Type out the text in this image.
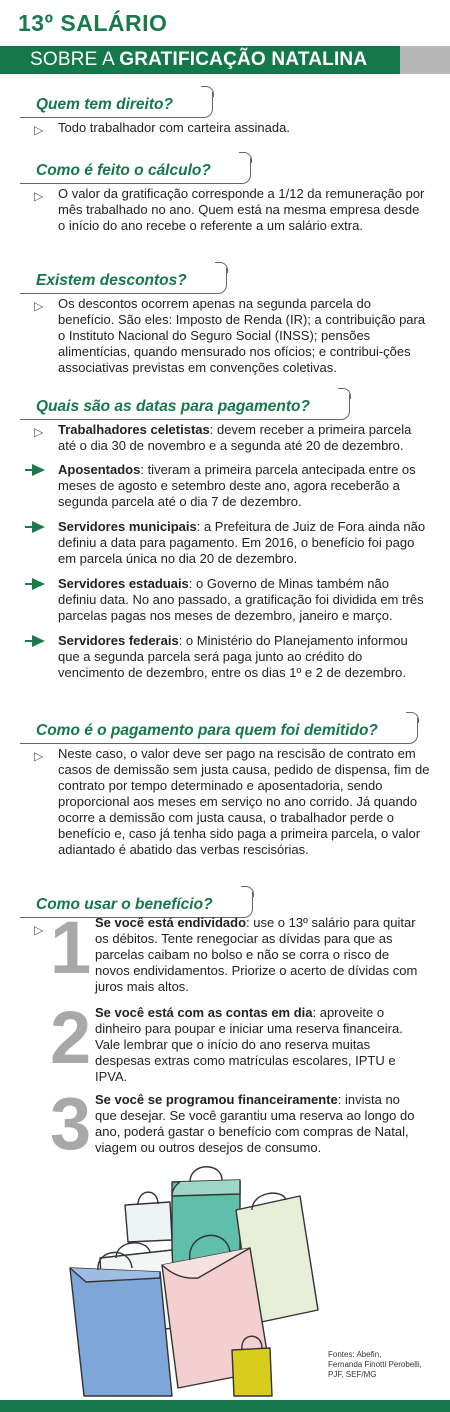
13º SALÁRIO
SOBRE A GRATIFICAÇÃO NATALINA
Quem tem direito?
▷ Todo trabalhador com carteira assinada.
Como é feito o cálculo?
▷ O valor da gratificação corresponde a 1/12 da remuneração por mês trabalhado no ano. Quem está na mesma empresa desde o início do ano recebe o referente a um salário extra.
Existem descontos?
▷ Os descontos ocorrem apenas na segunda parcela do benefício. São eles: Imposto de Renda (IR); a contribuição para o Instituto Nacional do Seguro Social (INSS); pensões alimentícias, quando mensurado nos ofícios; e contribui-ções associativas previstas em convenções coletivas.
Quais são as datas para pagamento?
▷ Trabalhadores celetistas: devem receber a primeira parcela até o dia 30 de novembro e a segunda até 20 de dezembro.
Aposentados: tiveram a primeira parcela antecipada entre os meses de agosto e setembro deste ano, agora receberão a segunda parcela até o dia 7 de dezembro.
Servidores municipais: a Prefeitura de Juiz de Fora ainda não definiu a data para pagamento. Em 2016, o benefício foi pago em parcela única no dia 20 de dezembro.
Servidores estaduais: o Governo de Minas também não definiu data. No ano passado, a gratificação foi dividida em três parcelas pagas nos meses de dezembro, janeiro e março.
Servidores federais: o Ministério do Planejamento informou que a segunda parcela será paga junto ao crédito do vencimento de dezembro, entre os dias 1º e 2 de dezembro.
Como é o pagamento para quem foi demitido?
▷ Neste caso, o valor deve ser pago na rescisão de contrato em casos de demissão sem justa causa, pedido de dispensa, fim de contrato por tempo determinado e aposentadoria, sendo proporcional aos meses em serviço no ano corrido. Já quando ocorre a demissão com justa causa, o trabalhador perde o benefício e, caso já tenha sido paga a primeira parcela, o valor adiantado é abatido das verbas rescisórias.
Como usar o benefício?
▷ 1 Se você está endividado: use o 13º salário para quitar os débitos. Tente renegociar as dívidas para que as parcelas caibam no bolso e não se corra o risco de novos endividamentos. Priorize o acerto de dívidas com juros mais altos.
2 Se você está com as contas em dia: aproveite o dinheiro para poupar e iniciar uma reserva financeira. Vale lembrar que o início do ano reserva muitas despesas extras como matrículas escolares, IPTU e IPVA.
3 Se você se programou financeiramente: invista no que desejar. Se você garantiu uma reserva ao longo do ano, poderá gastar o benefício com compras de Natal, viagem ou outros desejos de consumo.
Fontes: Abefin,
Fernanda Finotti Perobelli,
PJF, SEF/MG
